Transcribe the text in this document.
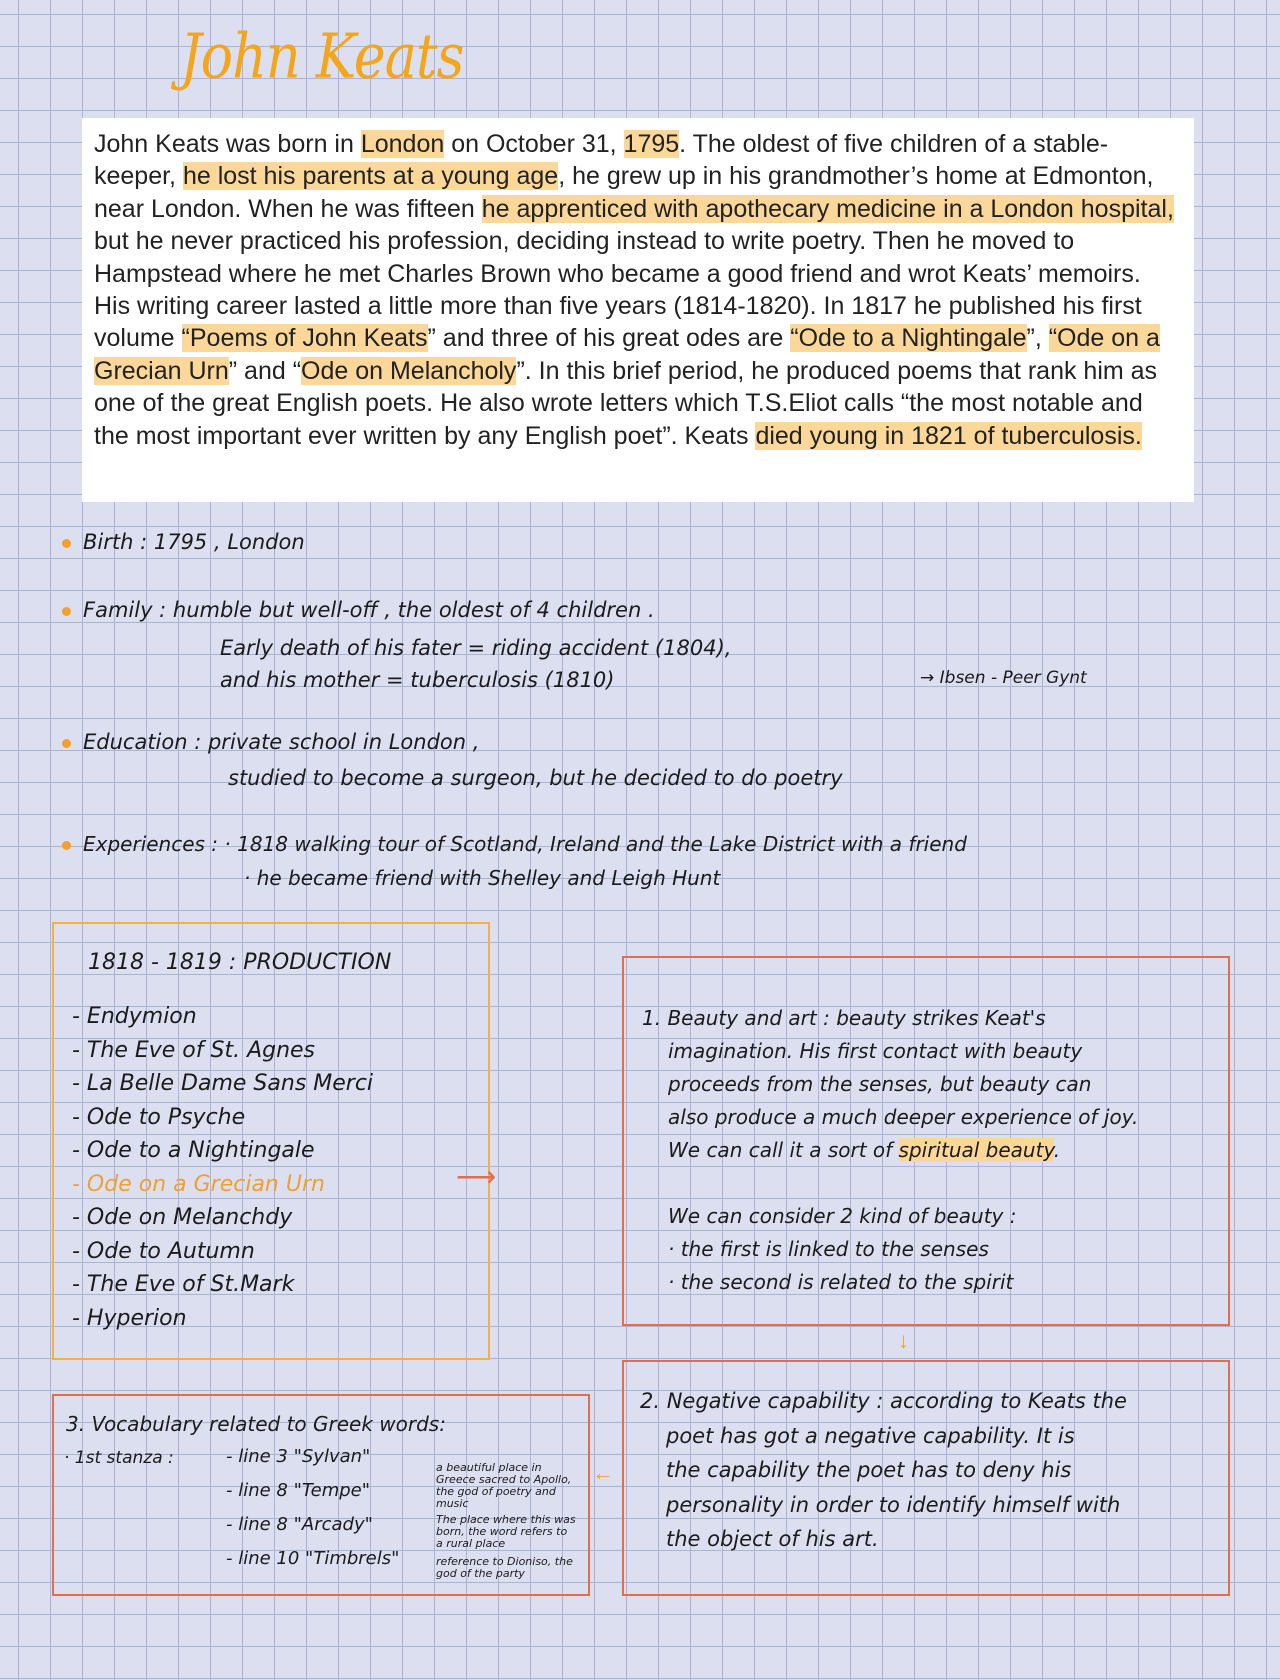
John Keats

John Keats was born in London on October 31, 1795. The oldest of five children of a stable-keeper, he lost his parents at a young age, he grew up in his grandmother’s home at Edmonton, near London. When he was fifteen he apprenticed with apothecary medicine in a London hospital, but he never practiced his profession, deciding instead to write poetry. Then he moved to Hampstead where he met Charles Brown who became a good friend and wrot Keats’ memoirs. His writing career lasted a little more than five years (1814-1820). In 1817 he published his first volume “Poems of John Keats” and three of his great odes are “Ode to a Nightingale”, “Ode on a Grecian Urn” and “Ode on Melancholy”. In this brief period, he produced poems that rank him as one of the great English poets. He also wrote letters which T.S.Eliot calls “the most notable and the most important ever written by any English poet”. Keats died young in 1821 of tuberculosis.

Birth : 1795 , London
Family : humble but well-off , the oldest of 4 children .
Early death of his fater = riding accident (1804),
and his mother = tuberculosis (1810)	→ Ibsen - Peer Gynt
Education : private school in London ,
studied to become a surgeon, but he decided to do poetry
Experiences : · 1818 walking tour of Scotland, Ireland and the Lake District with a friend
· he became friend with Shelley and Leigh Hunt
1818 - 1819 : PRODUCTION
- Endymion
- The Eve of St. Agnes
- La Belle Dame Sans Merci
- Ode to Psyche
- Ode to a Nightingale
- Ode on a Grecian Urn
- Ode on Melanchdy
- Ode to Autumn
- The Eve of St.Mark
- Hyperion
⟶
1. Beauty and art : beauty strikes Keat's
imagination. His first contact with beauty
proceeds from the senses, but beauty can
also produce a much deeper experience of joy.
We can call it a sort of spiritual beauty.
We can consider 2 kind of beauty :
· the first is linked to the senses
· the second is related to the spirit
↓
2. Negative capability : according to Keats the
poet has got a negative capability. It is
the capability the poet has to deny his
personality in order to identify himself with
the object of his art.
←
3. Vocabulary related to Greek words:
· 1st stanza :	- line 3 "Sylvan"
- line 8 "Tempe"
- line 8 "Arcady"
- line 10 "Timbrels"
a beautiful place in Greece sacred to Apollo, the god of poetry and music
The place where this was born, the word refers to a rural place
reference to Dioniso, the god of the party
